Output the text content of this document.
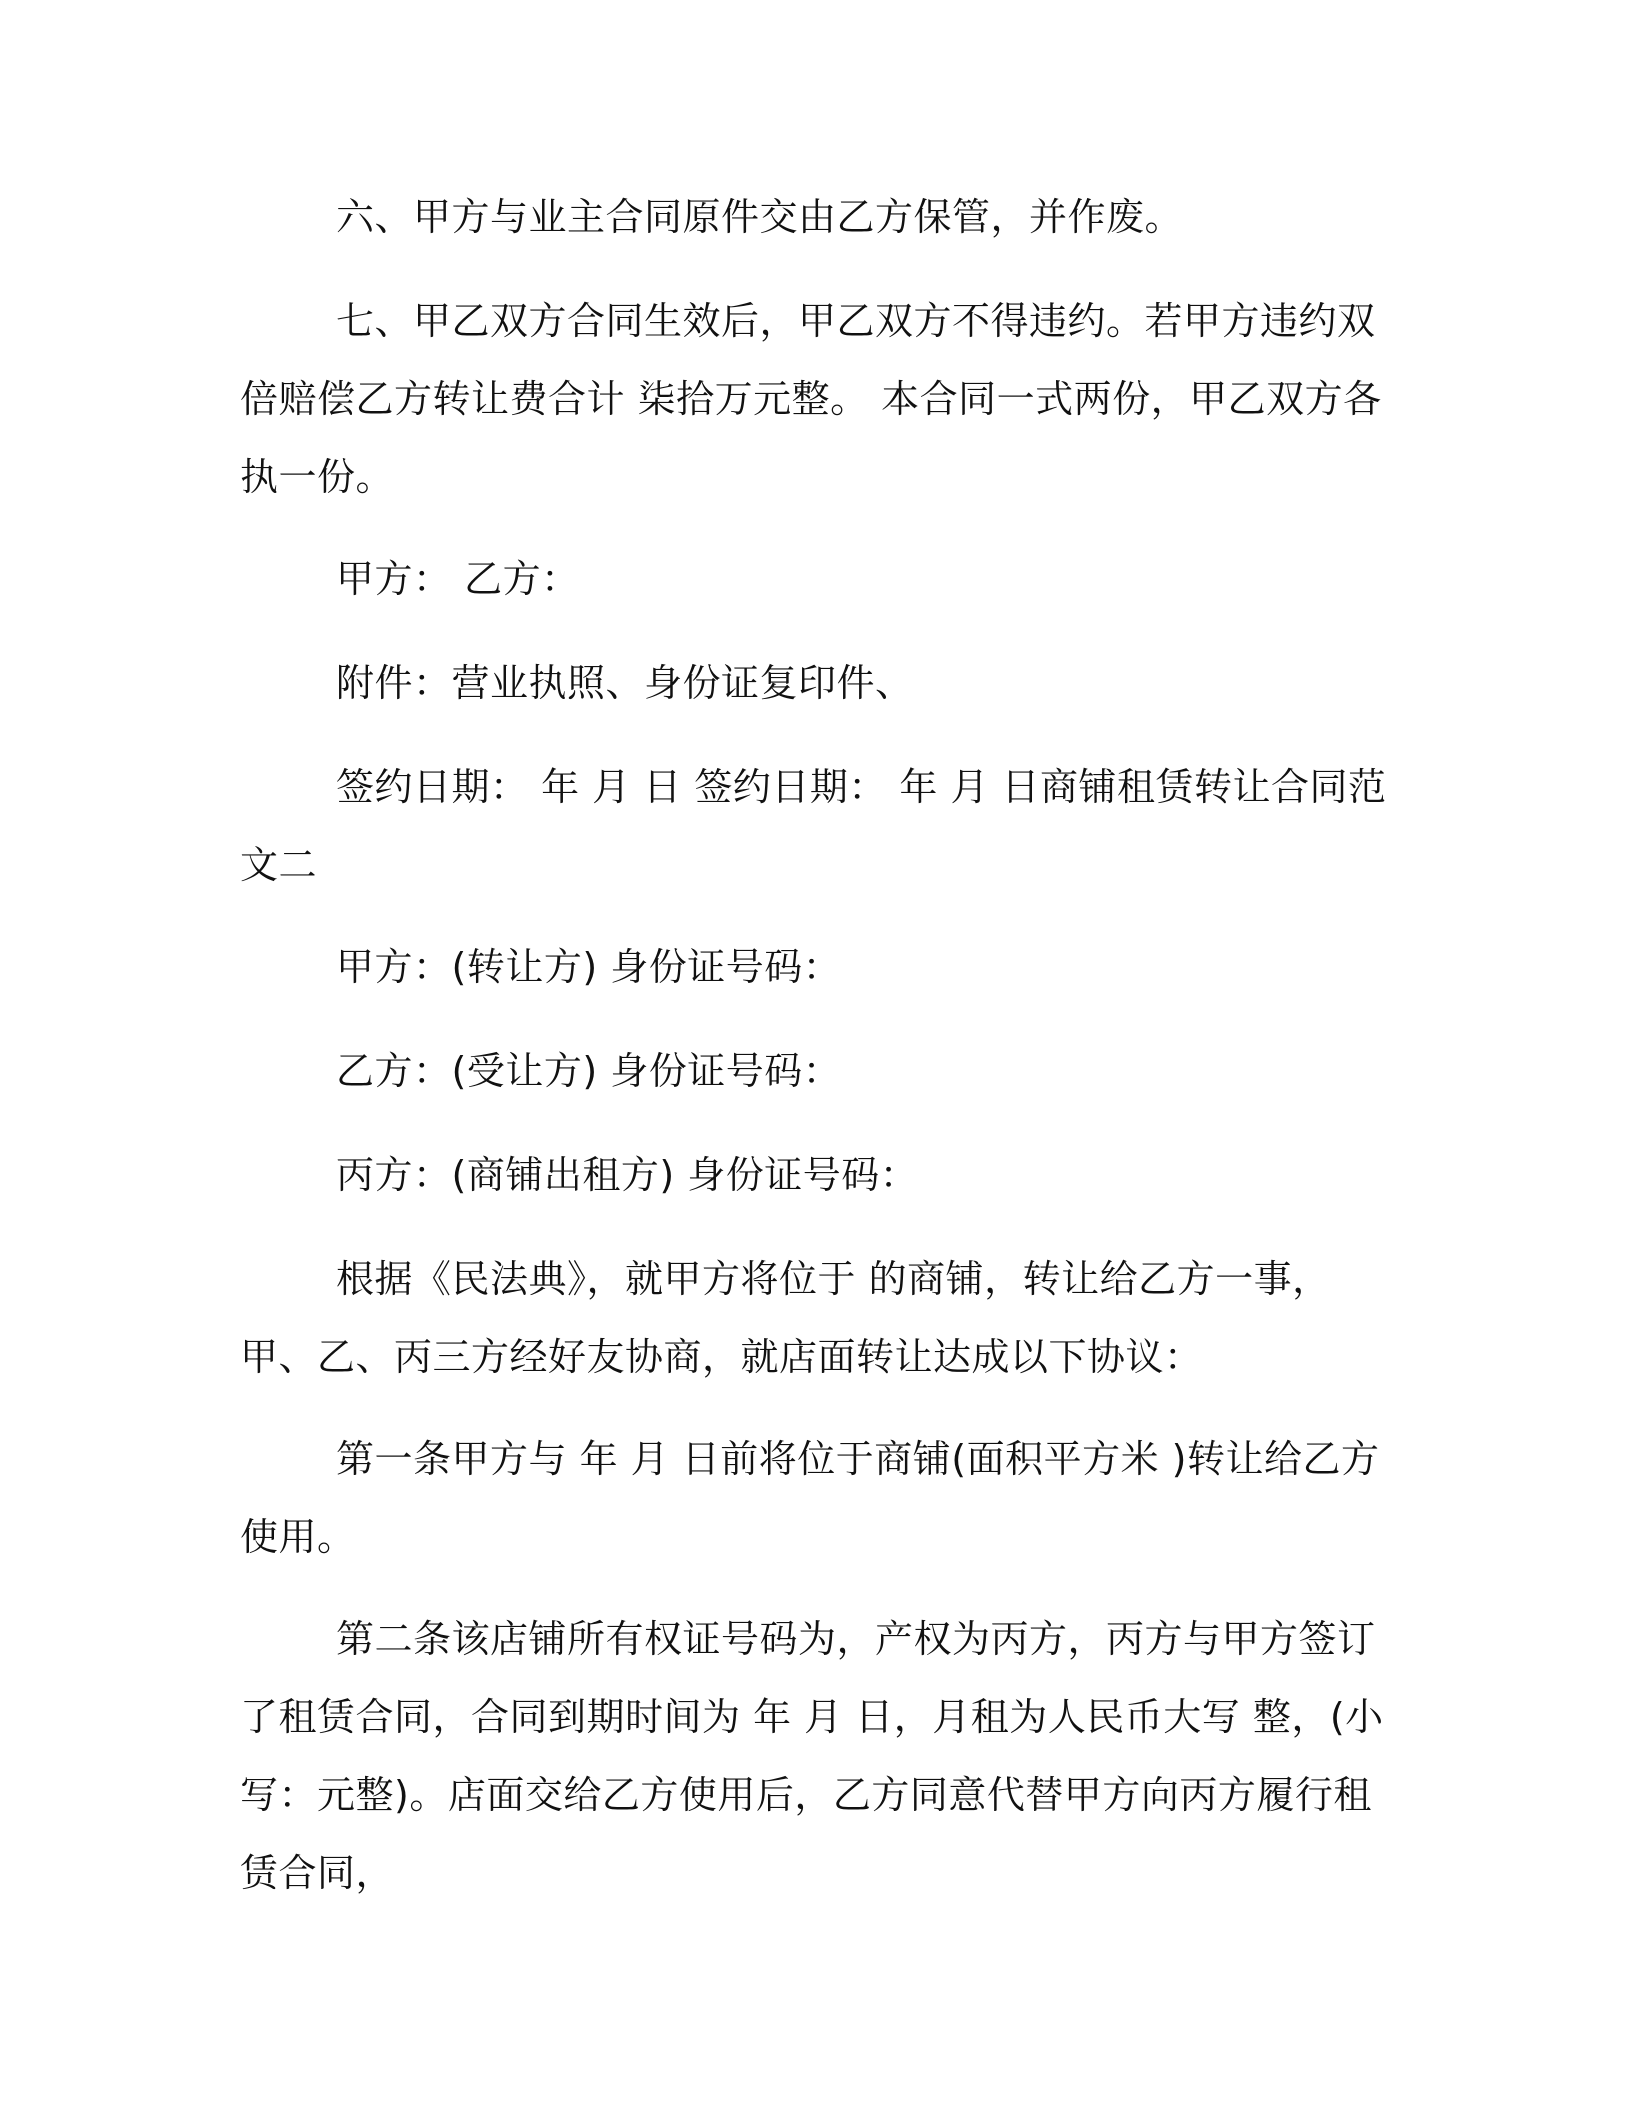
六、甲方与业主合同原件交由乙方保管，并作废。

七、甲乙双方合同生效后，甲乙双方不得违约。若甲方违约双倍赔偿乙方转让费合计 柒拾万元整。 本合同一式两份，甲乙双方各执一份。

甲方： 乙方：

附件：营业执照、身份证复印件、

签约日期： 年 月 日 签约日期： 年 月 日商铺租赁转让合同范文二

甲方：(转让方) 身份证号码：

乙方：(受让方) 身份证号码：

丙方：(商铺出租方) 身份证号码：

根据《民法典》，就甲方将位于 的商铺，转让给乙方一事，甲、乙、丙三方经好友协商，就店面转让达成以下协议：

第一条甲方与 年 月 日前将位于商铺(面积平方米 )转让给乙方使用。

第二条该店铺所有权证号码为，产权为丙方，丙方与甲方签订了租赁合同，合同到期时间为 年 月 日，月租为人民币大写 整，(小写：元整)。店面交给乙方使用后，乙方同意代替甲方向丙方履行租赁合同，
